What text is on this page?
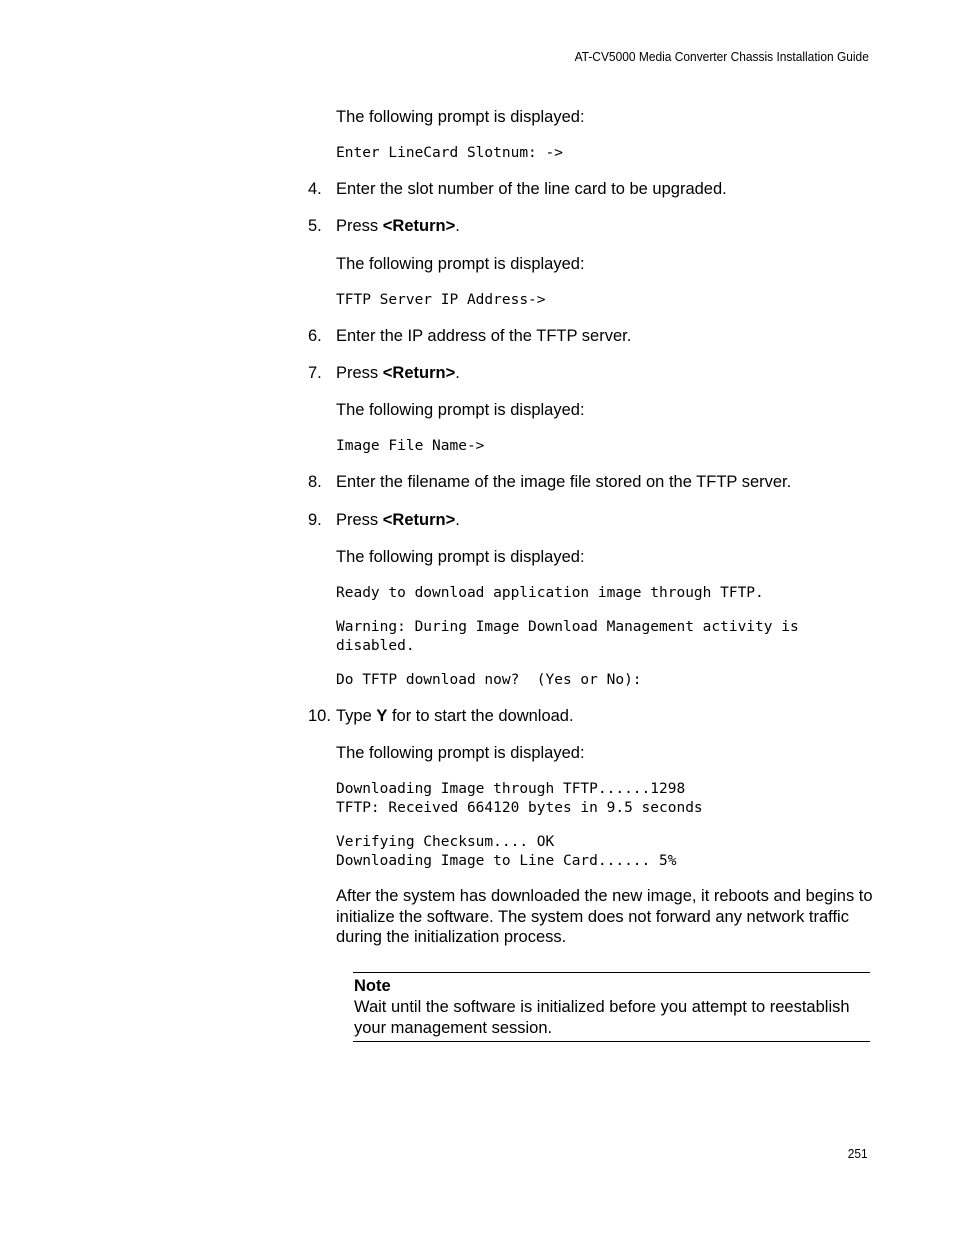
AT-CV5000 Media Converter Chassis Installation Guide
The following prompt is displayed:
Enter LineCard Slotnum: ->
4. Enter the slot number of the line card to be upgraded.
5. Press <Return>.
The following prompt is displayed:
TFTP Server IP Address->
6. Enter the IP address of the TFTP server.
7. Press <Return>.
The following prompt is displayed:
Image File Name->
8. Enter the filename of the image file stored on the TFTP server.
9. Press <Return>.
The following prompt is displayed:
Ready to download application image through TFTP.
Warning: During Image Download Management activity is
disabled.
Do TFTP download now?  (Yes or No):
10. Type Y for to start the download.
The following prompt is displayed:
Downloading Image through TFTP......1298
TFTP: Received 664120 bytes in 9.5 seconds
Verifying Checksum.... OK
Downloading Image to Line Card...... 5%
After the system has downloaded the new image, it reboots and begins to initialize the software. The system does not forward any network traffic during the initialization process.
Note
Wait until the software is initialized before you attempt to reestablish your management session.
251
